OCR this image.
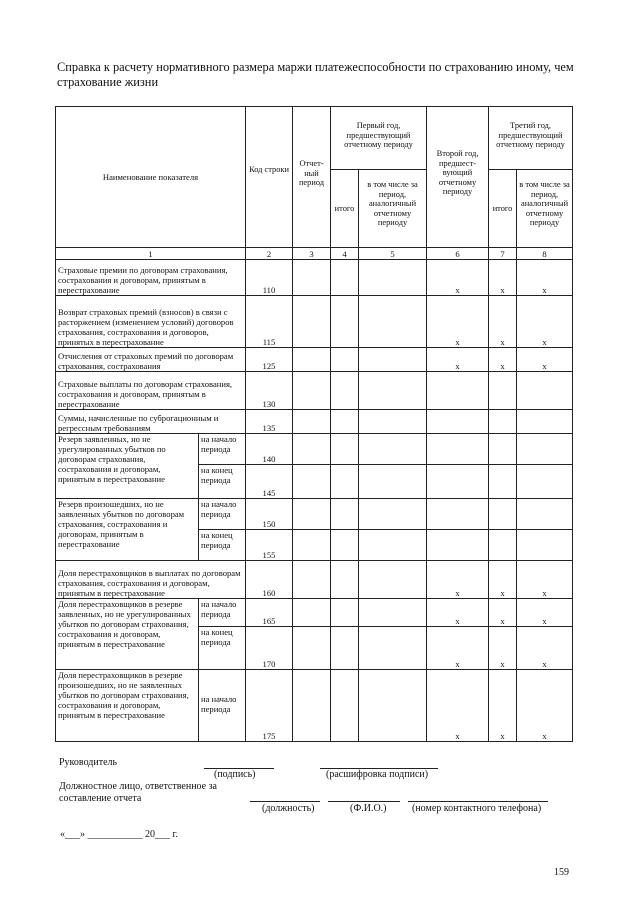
Справка к расчету нормативного размера маржи платежеспособности по страхованию иному, чем страхование жизни
Наименование показателя		Код строки	Отчет-ный период	Первый год, предшествующий отчетному периоду		Второй год, предшест-вующий отчетному периоду	Третий год, предшествующий отчетному периоду	
				итого	в том числе за период, аналогичный отчетному периоду		итого	в том числе за период, аналогичный отчетному периоду
1		2	3	4	5	6	7	8
Страховые премии по договорам страхования, сострахования и договорам, принятым в перестрахование		110				x	x	x
Возврат страховых премий (взносов) в связи с расторжением (изменением условий) договоров страхования, сострахования и договоров, принятых в перестрахование		115				x	x	x
Отчисления от страховых премий по договорам страхования, сострахования		125				x	x	x
Страховые выплаты по договорам страхования, сострахования и договорам, принятым в перестрахование		130						
Суммы, начисленные по суброгационным и регрессным требованиям		135						
Резерв заявленных, но не урегулированных убытков по договорам страхования, сострахования и договорам, принятым в перестрахование	на начало периода	140						
	на конец периода	145						
Резерв произошедших, но не заявленных убытков по договорам страхования, сострахования и договорам, принятым в перестрахование	на начало периода	150						
	на конец периода	155						
Доля перестраховщиков в выплатах по договорам страхования, сострахования и договорам, принятым в перестрахование		160				x	x	x
Доля перестраховщиков в резерве заявленных, но не урегулированных убытков по договорам страхования, сострахования и договорам, принятым в перестрахование	на начало периода	165				x	x	x
	на конец периода	170				x	x	x
Доля перестраховщиков в резерве произошедших, но не заявленных убытков по договорам страхования, сострахования и договорам, принятым в перестрахование	на начало периода	175				x	x	x
Руководитель
(подпись)	(расшифровка подписи)
Должностное лицо, ответственное за составление отчета
(должность)	(Ф.И.О.)	(номер контактного телефона)
«___» ___________ 20___ г.
159
